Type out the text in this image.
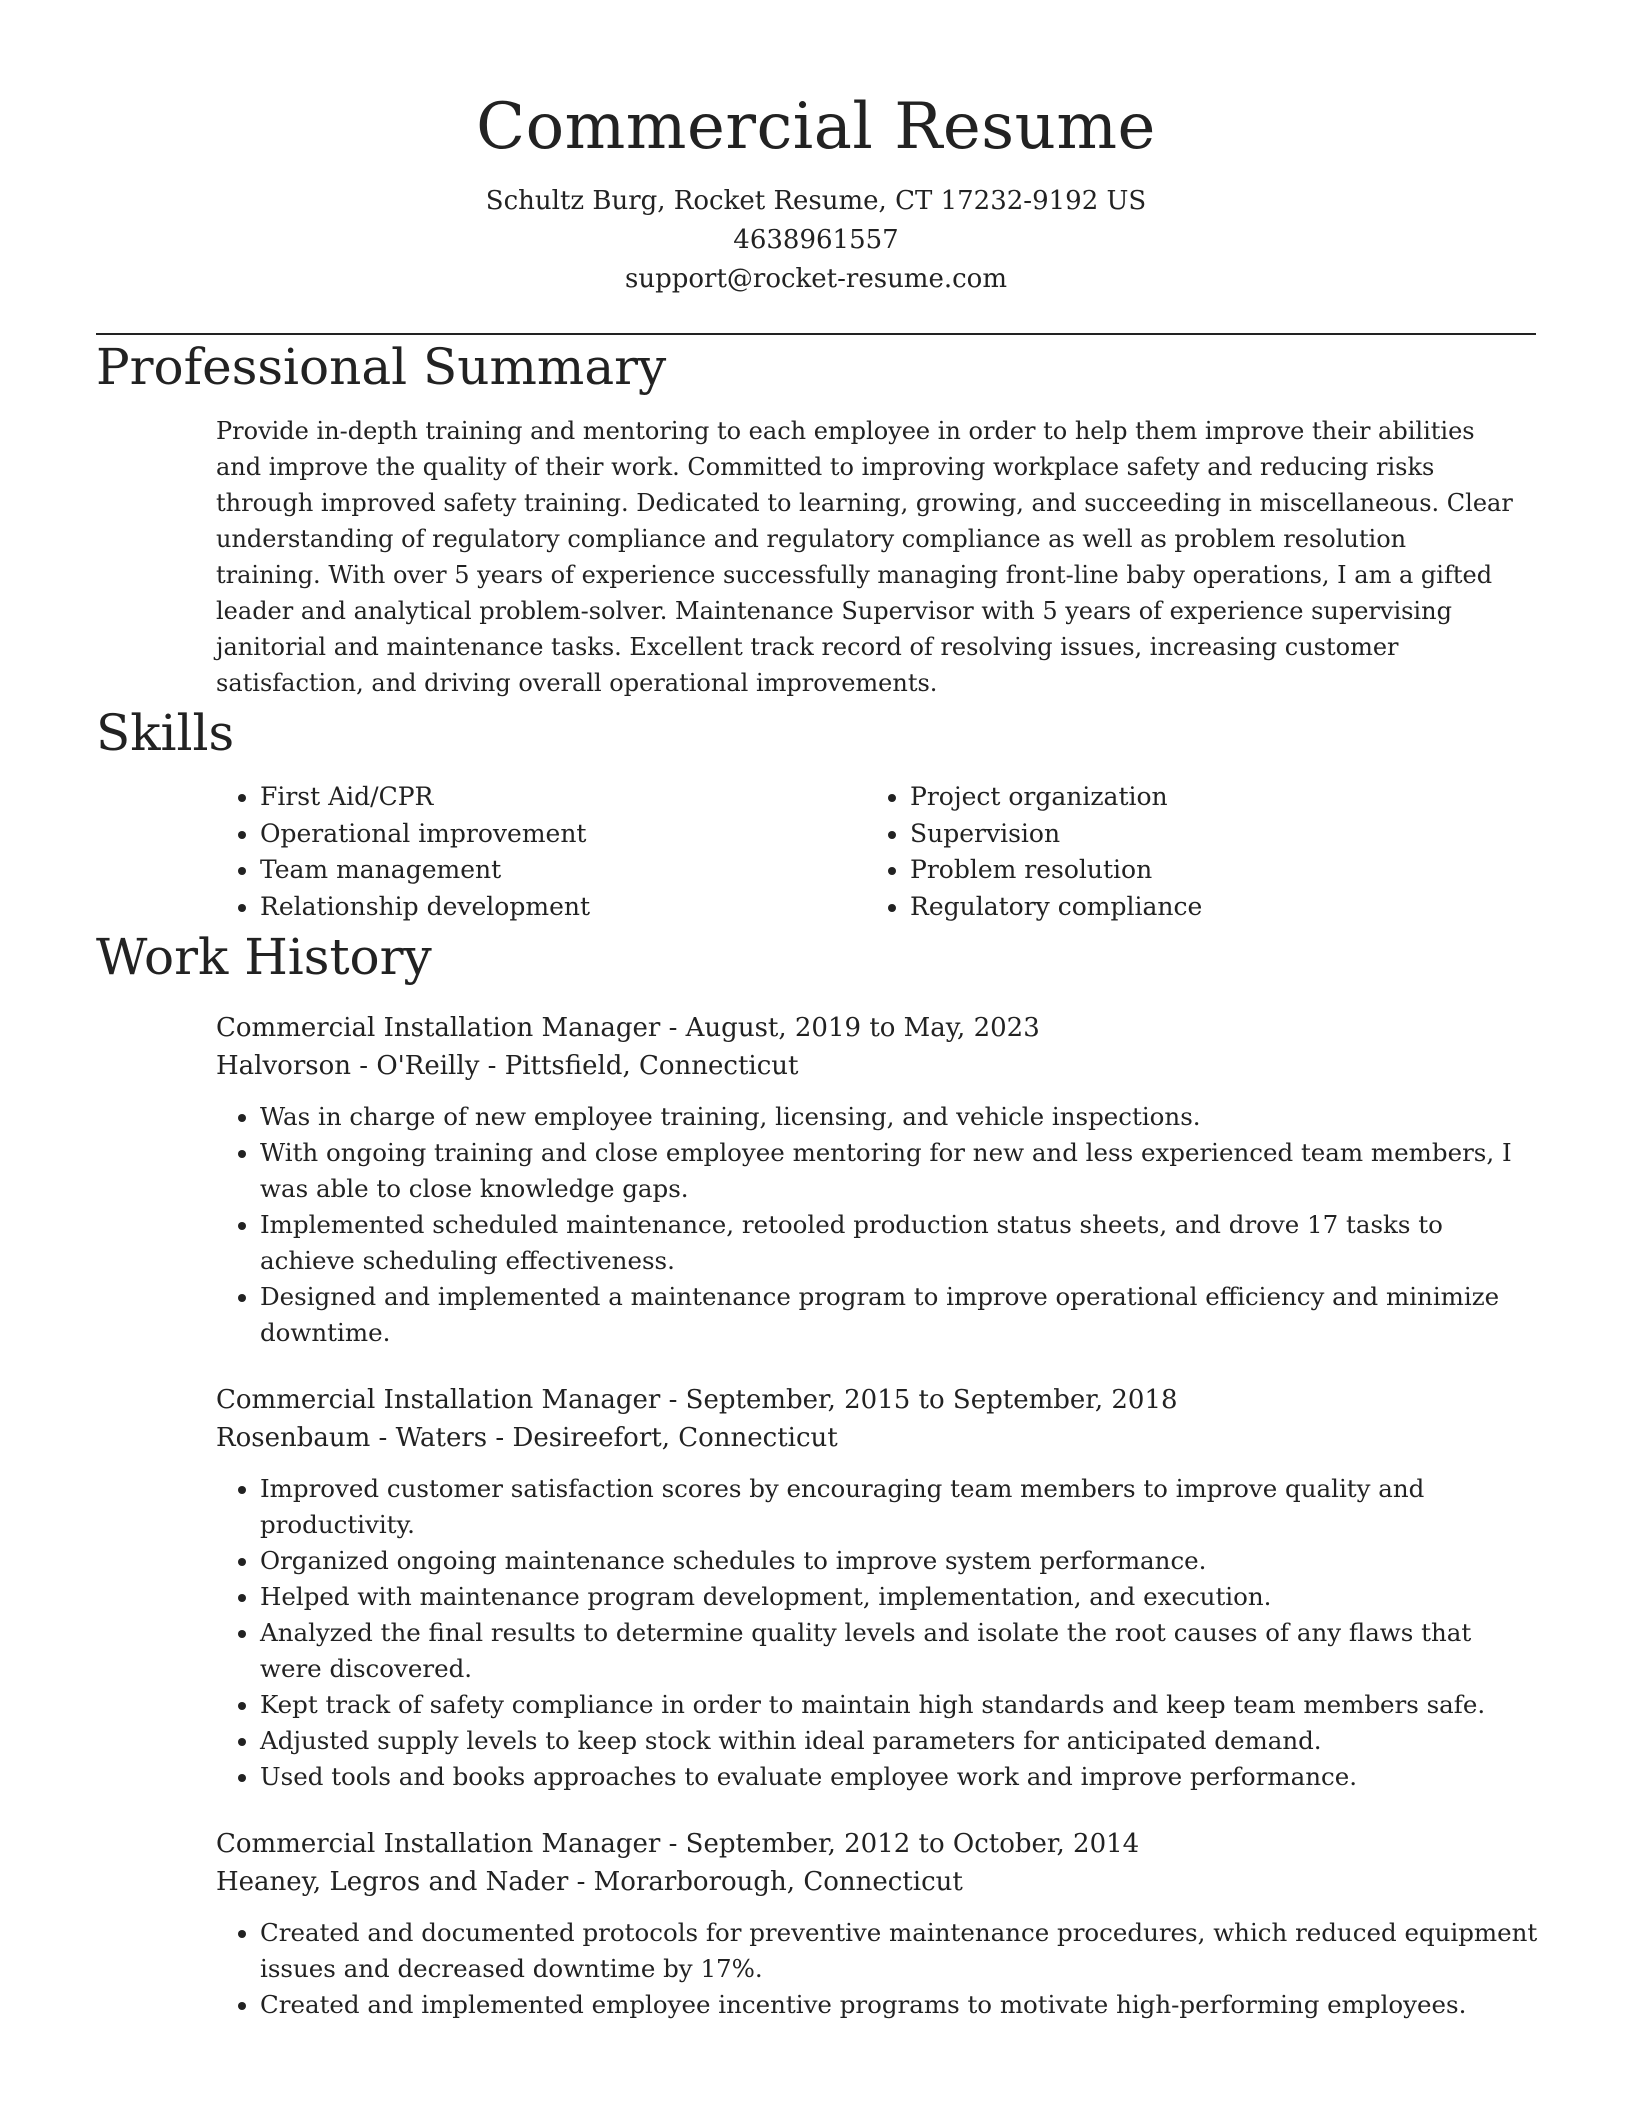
Commercial Resume
Schultz Burg, Rocket Resume, CT 17232-9192 US
4638961557
support@rocket-resume.com
Professional Summary
Provide in-depth training and mentoring to each employee in order to help them improve their abilities and improve the quality of their work. Committed to improving workplace safety and reducing risks through improved safety training. Dedicated to learning, growing, and succeeding in miscellaneous. Clear understanding of regulatory compliance and regulatory compliance as well as problem resolution training. With over 5 years of experience successfully managing front-line baby operations, I am a gifted leader and analytical problem-solver. Maintenance Supervisor with 5 years of experience supervising janitorial and maintenance tasks. Excellent track record of resolving issues, increasing customer satisfaction, and driving overall operational improvements.
Skills
• First Aid/CPR
• Operational improvement
• Team management
• Relationship development
• Project organization
• Supervision
• Problem resolution
• Regulatory compliance
Work History
Commercial Installation Manager - August, 2019 to May, 2023
Halvorson - O'Reilly - Pittsfield, Connecticut
• Was in charge of new employee training, licensing, and vehicle inspections.
• With ongoing training and close employee mentoring for new and less experienced team members, I was able to close knowledge gaps.
• Implemented scheduled maintenance, retooled production status sheets, and drove 17 tasks to achieve scheduling effectiveness.
• Designed and implemented a maintenance program to improve operational efficiency and minimize downtime.
Commercial Installation Manager - September, 2015 to September, 2018
Rosenbaum - Waters - Desireefort, Connecticut
• Improved customer satisfaction scores by encouraging team members to improve quality and productivity.
• Organized ongoing maintenance schedules to improve system performance.
• Helped with maintenance program development, implementation, and execution.
• Analyzed the final results to determine quality levels and isolate the root causes of any flaws that were discovered.
• Kept track of safety compliance in order to maintain high standards and keep team members safe.
• Adjusted supply levels to keep stock within ideal parameters for anticipated demand.
• Used tools and books approaches to evaluate employee work and improve performance.
Commercial Installation Manager - September, 2012 to October, 2014
Heaney, Legros and Nader - Morarborough, Connecticut
• Created and documented protocols for preventive maintenance procedures, which reduced equipment issues and decreased downtime by 17%.
• Created and implemented employee incentive programs to motivate high-performing employees.
